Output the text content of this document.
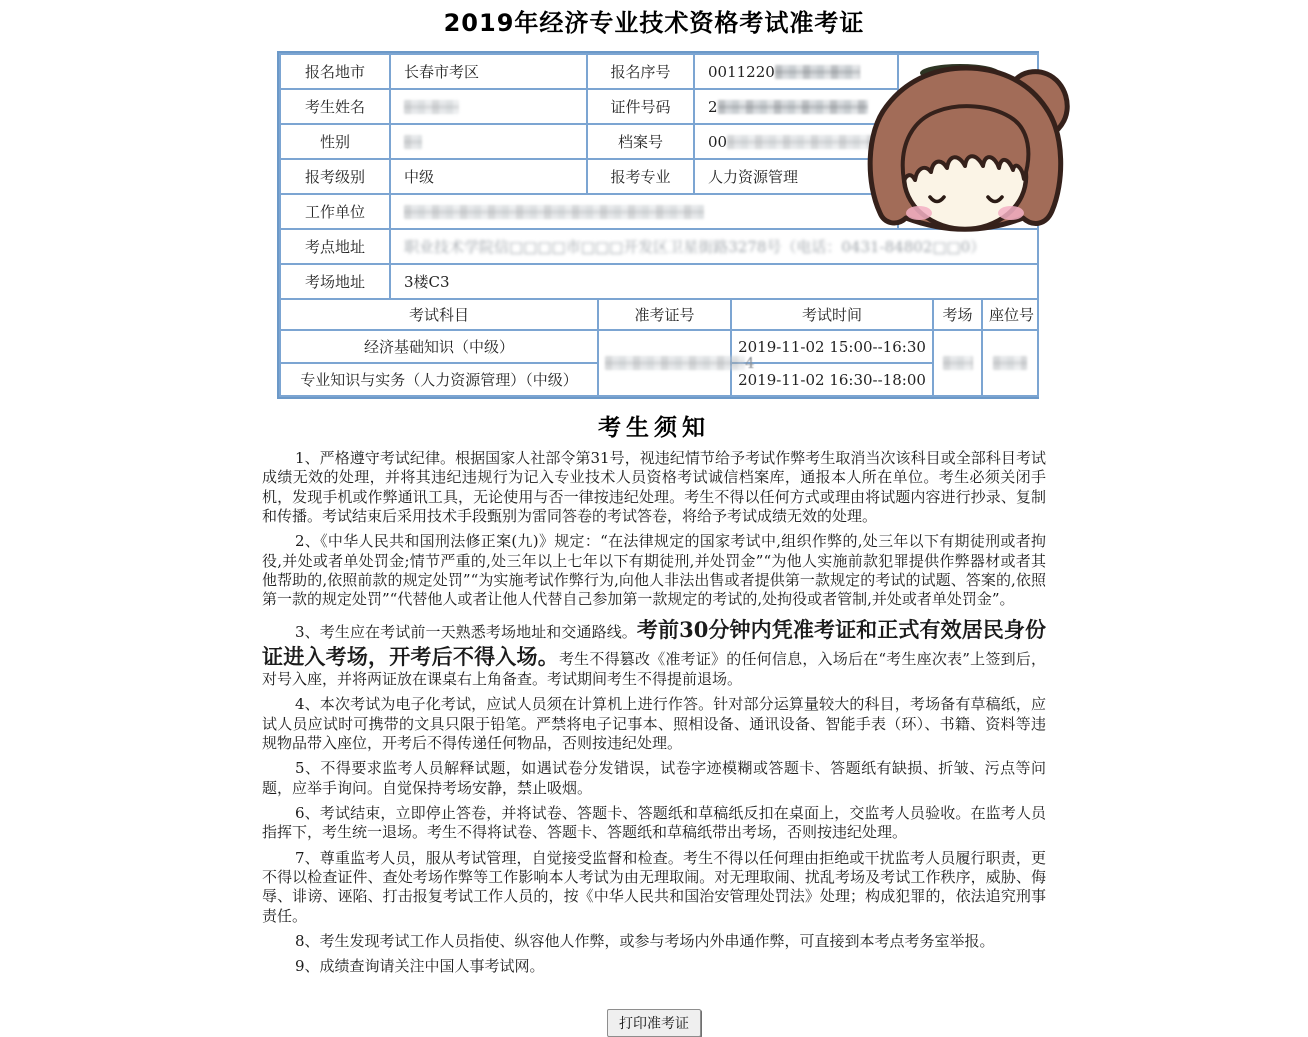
2019年经济专业技术资格考试准考证
报名地市	长春市考区	报名序号	0011220	
考生姓名		证件号码	2	
性别		档案号	00	
报考级别	中级	报考专业	人力资源管理	
工作单位				
考点地址	职业技术学院信□□□□市□□□开发区卫星街路3278号（电话：0431-84802□□0）			
考场地址	3楼C3			
考试科目	准考证号	考试时间	考场	座位号
经济基础知识（中级）	4	2019-11-02 15:00--16:30		
专业知识与实务（人力资源管理）（中级）		2019-11-02 16:30--18:00		
考生须知

1、严格遵守考试纪律。根据国家人社部令第31号，视违纪情节给予考试作弊考生取消当次该科目或全部科目考试成绩无效的处理，并将其违纪违规行为记入专业技术人员资格考试诚信档案库，通报本人所在单位。考生必须关闭手机，发现手机或作弊通讯工具，无论使用与否一律按违纪处理。考生不得以任何方式或理由将试题内容进行抄录、复制和传播。考试结束后采用技术手段甄别为雷同答卷的考试答卷，将给予考试成绩无效的处理。

2、《中华人民共和国刑法修正案(九)》规定：“在法律规定的国家考试中,组织作弊的,处三年以下有期徒刑或者拘役,并处或者单处罚金;情节严重的,处三年以上七年以下有期徒刑,并处罚金”“为他人实施前款犯罪提供作弊器材或者其他帮助的,依照前款的规定处罚”“为实施考试作弊行为,向他人非法出售或者提供第一款规定的考试的试题、答案的,依照第一款的规定处罚”“代替他人或者让他人代替自己参加第一款规定的考试的,处拘役或者管制,并处或者单处罚金”。

3、考生应在考试前一天熟悉考场地址和交通路线。考前30分钟内凭准考证和正式有效居民身份证进入考场，开考后不得入场。考生不得篡改《准考证》的任何信息，入场后在“考生座次表”上签到后，对号入座，并将两证放在课桌右上角备查。考试期间考生不得提前退场。

4、本次考试为电子化考试，应试人员须在计算机上进行作答。针对部分运算量较大的科目，考场备有草稿纸，应试人员应试时可携带的文具只限于铅笔。严禁将电子记事本、照相设备、通讯设备、智能手表（环）、书籍、资料等违规物品带入座位，开考后不得传递任何物品，否则按违纪处理。

5、不得要求监考人员解释试题，如遇试卷分发错误，试卷字迹模糊或答题卡、答题纸有缺损、折皱、污点等问题，应举手询问。自觉保持考场安静，禁止吸烟。

6、考试结束，立即停止答卷，并将试卷、答题卡、答题纸和草稿纸反扣在桌面上，交监考人员验收。在监考人员指挥下，考生统一退场。考生不得将试卷、答题卡、答题纸和草稿纸带出考场，否则按违纪处理。

7、尊重监考人员，服从考试管理，自觉接受监督和检查。考生不得以任何理由拒绝或干扰监考人员履行职责，更不得以检查证件、查处考场作弊等工作影响本人考试为由无理取闹。对无理取闹、扰乱考场及考试工作秩序，威胁、侮辱、诽谤、诬陷、打击报复考试工作人员的，按《中华人民共和国治安管理处罚法》处理；构成犯罪的，依法追究刑事责任。

8、考生发现考试工作人员指使、纵容他人作弊，或参与考场内外串通作弊，可直接到本考点考务室举报。

9、成绩查询请关注中国人事考试网。

打印准考证
